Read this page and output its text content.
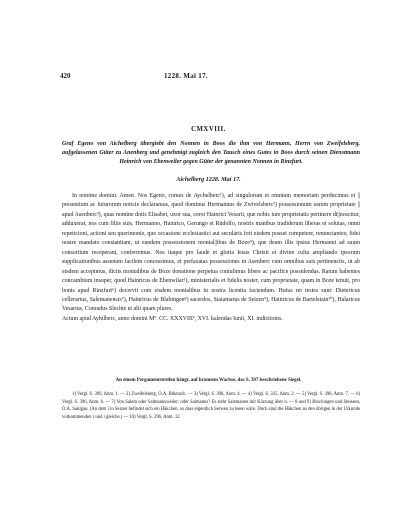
420	1228. Mai 17.
CMXVIII.
Graf Egeno von Aichelberg übergiebt den Nonnen in Boos die ihm von Hermann, Herrn von Zweifelsberg, aufgelassenen Güter zu Anenberg und genehmigt zugleich den Tausch eines Gutes in Boos durch seinen Dienstmann Heinrich von Ebenweiler gegen Güter der genannten Nonnen in Rinzfurt.
Aichelberg 1228. Mai 17.

In nomine domini. Amen. Nos Egeno, comes de Aychelberc¹), ad singulorum et omnium memoriam perducimus et || presentium ac futurorum noticie declaramus, quod dominus Hermannus de Zwivelsberc²) possessionum earum proprietate || apud Asenberc³), quas nomine dotis Elisabet, uxor sua, soror Hainrici Vesarii, que nobis iure proprietatis pertinere di||noscitur, adduxerat, nos cum filiis suis, Hermanno, Hainrico, Gerungo et Rūdolfo, nostris manibus tradiderunt liberas et solutas, omni repeticioni, actioni seu querimonie, que occasione ecclesiastici aut secularis fori eisdem posset competere, renunciantes; fidei nostre mandato constantiam, ut eandem possessionem monial||ibus de Boze⁴), que deam illis ipsius Hermanni ad suum consortium receperant, conferremus. Nos itaque pro laude et gloria Iesus Christi et divine cultu ampliando ipsorum supplicationibus assenum facilem concessimus, et prefaxatas possessiones in Asenberc cum omnibus suis pertinenciis, ut ab eisdem accepimus, dictis monialibus de Boze donatione perpetua contulimus libere ac pacifice possidendas. Ratum habentes concambium insuper, quod Hainricus de Ebenwilar⁵), ministerialis et fidelis noster, cum proprietate, quam in Boze tenuit, pro bonis apud Rinzfurt⁶) decrevit cum eisdem monialibus in nostra licentia faciendum. Huius rei testes sunt: Dietericus cellerarius, Salemanensis⁷), Hainricus de Blabingen⁸) sacerdos, Staiamarus de Seizen⁹), Hainricus de Bartelstain¹⁰), Halaricus Vesarius, Conradus Slechte et alii quam plures.
Actum apud Ayhilberc, anno domini Mº. CC. XXXVIIIº, XVI. kalendas Iunii, XI. indictionis.

An einem Pergamentstreifen hängt, auf braunem Wachse, das S. 397 beschriebene Siegel.

1) Vergl. S. 396, Anm. 1. — 2) Zweifelsberg, O.A. Biberach. — 3) Vergl. S. 398, Anm. 4. — 4) Vergl. S. 335, Anm. 2. — 5) Vergl. S. 396, Anm. 7. — 6) Vergl. S. 396, Anm. 6. — 7) Von Salem oder Salmannsweiler; oder Salmanns? Es steht Salemanen mit Kürzung über n. — 8 und 9) Blochingen und Steissen, O.A. Saulgau. (An dem i in Seizen befindet sich ein Häkchen, so dass eigentlich Serwen zu lesen wäre. Doch sind die Häkchen an den übrigen in der Urkunde vorkommenden r und i gleiche.) — 10) Vergl. S. 396, Anm. 12.
